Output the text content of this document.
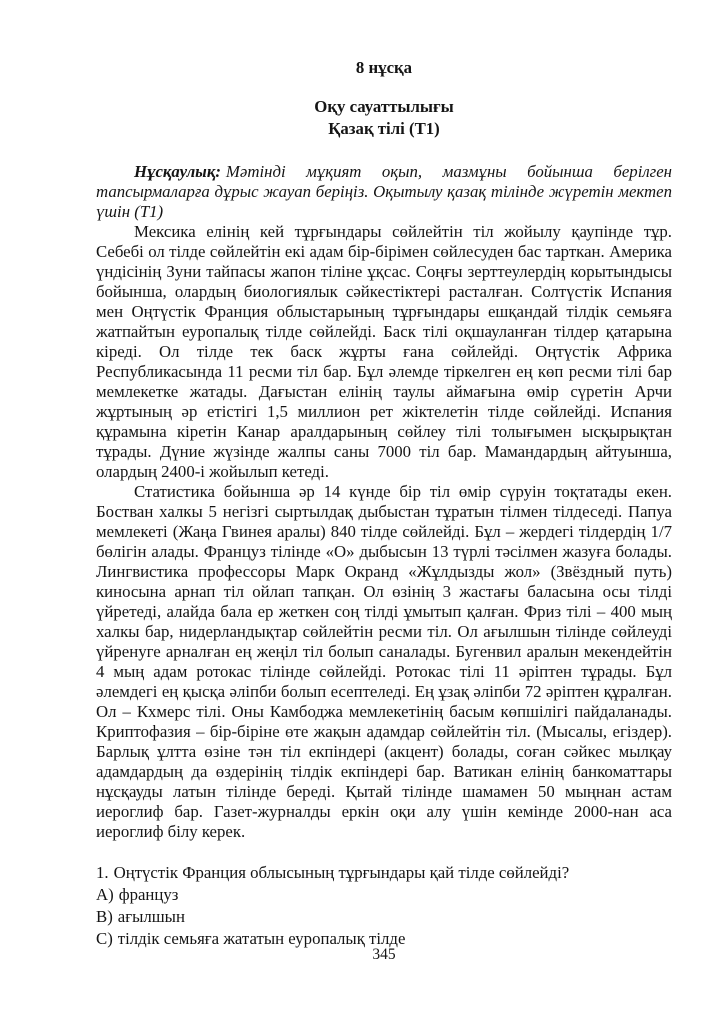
8 нұсқа

Оқу сауаттылығы

Қазақ тілі (Т1)

Нұсқаулық: Мәтінді мұқият оқып, мазмұны бойынша берілген тапсырмаларға дұрыс жауап беріңіз. Оқытылу қазақ тілінде жүретін мектеп үшін (Т1)

Мексика елінің кей тұрғындары сөйлейтін тіл жойылу қаупінде тұр. Себебі ол тілде сөйлейтін екі адам бір-бірімен сөйлесуден бас тарткан. Америка үндісінің Зуни тайпасы жапон тіліне ұқсас. Соңғы зерттеулердің корытындысы бойынша, олардың биологиялык сәйкестіктері расталған. Солтүстік Испания мен Оңтүстік Франция облыстарының тұрғындары ешқандай тілдік семьяға жатпайтын еуропалық тілде сөйлейді. Баск тілі оқшауланған тілдер қатарына кіреді. Ол тілде тек баск жұрты ғана сөйлейді. Оңтүстік Африка Республикасында 11 ресми тіл бар. Бұл әлемде тіркелген ең көп ресми тілі бар мемлекетке жатады. Дағыстан елінің таулы аймағына өмір сүретін Арчи жұртының әр етістігі 1,5 миллион рет жіктелетін тілде сөйлейді. Испания құрамына кіретін Канар аралдарының сөйлеу тілі толығымен ысқырықтан тұрады. Дүние жүзінде жалпы саны 7000 тіл бар. Мамандардың айтуынша, олардың 2400-і жойылып кетеді.

Статистика бойынша әр 14 күнде бір тіл өмір сүруін тоқтатады екен. Бостван халкы 5 негізгі сыртылдақ дыбыстан тұратын тілмен тілдеседі. Папуа мемлекеті (Жаңа Гвинея аралы) 840 тілде сөйлейді. Бұл – жердегі тілдердің 1/7 бөлігін алады. Француз тілінде «О» дыбысын 13 түрлі тәсілмен жазуға болады. Лингвистика профессоры Марк Окранд «Жұлдызды жол» (Звёздный путь) киносына арнап тіл ойлап тапқан. Ол өзінің 3 жастағы баласына осы тілді үйретеді, алайда бала ер жеткен соң тілді ұмытып қалған. Фриз тілі – 400 мың халкы бар, нидерландықтар сөйлейтін ресми тіл. Ол ағылшын тілінде сөйлеуді үйренуге арналған ең жеңіл тіл болып саналады. Бугенвил аралын мекендейтін 4 мың адам ротокас тілінде сөйлейді. Ротокас тілі 11 әріптен тұрады. Бұл әлемдегі ең қысқа әліпби болып есептеледі. Ең ұзақ әліпби 72 әріптен құралған. Ол – Кхмерс тілі. Оны Камбоджа мемлекетінің басым көпшілігі пайдаланады. Криптофазия – бір-біріне өте жақын адамдар сөйлейтін тіл. (Мысалы, егіздер). Барлық ұлтта өзіне тән тіл екпіндері (акцент) болады, соған сәйкес мылқау адамдардың да өздерінің тілдік екпіндері бар. Ватикан елінің банкоматтары нұсқауды латын тілінде береді. Қытай тілінде шамамен 50 мыңнан астам иероглиф бар. Газет-журналды еркін оқи алу үшін кемінде 2000-нан аса иероглиф білу керек.

1. Оңтүстік Франция облысының тұрғындары қай тілде сөйлейді?
А) француз
В) ағылшын
С) тілдік семьяға жататын еуропалық тілде
345
